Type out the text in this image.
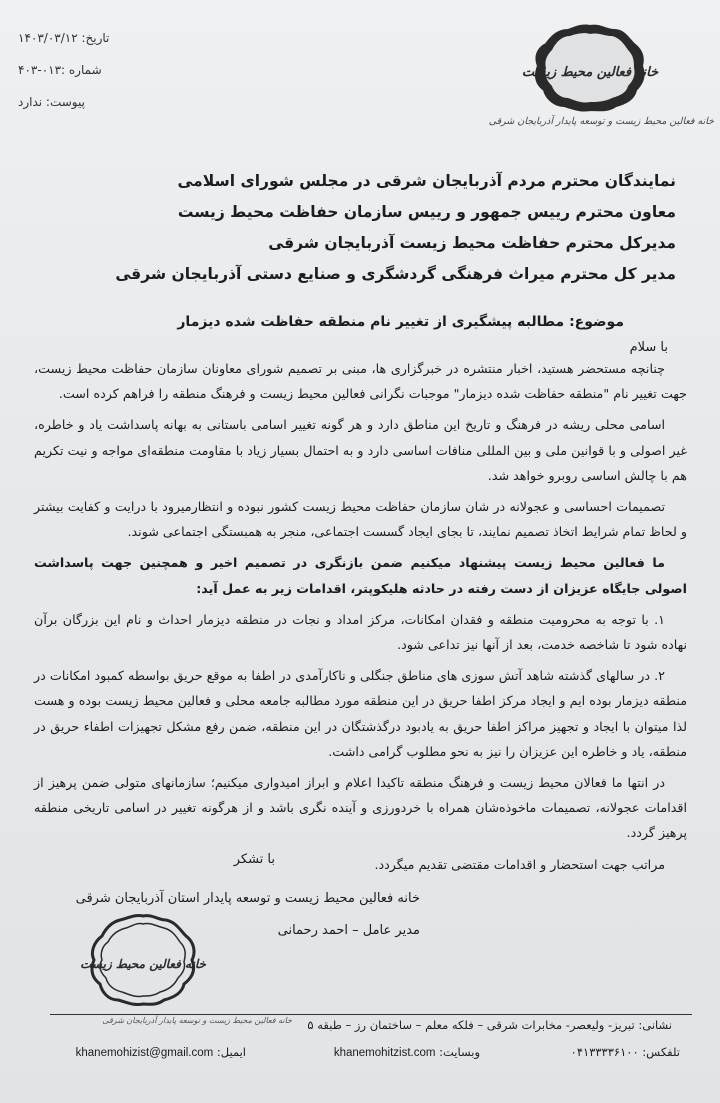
تاریخ: ۱۴۰۳/۰۳/۱۲
شماره :۰۱۳-۴۰۳
پیوست: ندارد
خانه فعالین محیط زیست
خانه فعالین محیط زیست و توسعه پایدار آذربایجان شرقی
نمایندگان محترم مردم آذربایجان شرقی در مجلس شورای اسلامی
معاون محترم رییس جمهور و رییس سازمان حفاظت محیط زیست
مدیرکل محترم حفاظت محیط زیست آذربایجان شرقی
مدیر کل محترم میراث فرهنگی گردشگری و صنایع دستی آذربایجان شرقی
موضوع: مطالبه پیشگیری از تغییر نام منطقه حفاظت شده دیزمار
با سلام

چنانچه مستحضر هستید، اخبار منتشره در خبرگزاری ها، مبنی بر تصمیم شورای معاونان سازمان حفاظت محیط زیست، جهت تغییر نام "منطقه حفاظت شده دیزمار" موجبات نگرانی فعالین محیط زیست و فرهنگ منطقه را فراهم کرده است.

اسامی محلی ریشه در فرهنگ و تاریخ این مناطق دارد و هر گونه تغییر اسامی باستانی به بهانه پاسداشت یاد و خاطره، غیر اصولی و با قوانین ملی و بین المللی منافات اساسی دارد و به احتمال بسیار زیاد با مقاومت منطقه‌ای مواجه و نیت تکریم هم با چالش اساسی روبرو خواهد شد.

تصمیمات احساسی و عجولانه در شان سازمان حفاظت محیط زیست کشور نبوده و انتظارمیرود با درایت و کفایت بیشتر و لحاظ تمام شرایط اتخاذ تصمیم نمایند، تا بجای ایجاد گسست اجتماعی، منجر به همبستگی اجتماعی شوند.

ما فعالین محیط زیست پیشنهاد میکنیم ضمن بازنگری در تصمیم اخیر و همچنین جهت پاسداشت اصولی جایگاه عزیزان از دست رفته در حادثه هلیکوپتر، اقدامات زیر به عمل آید:

۱. با توجه به محرومیت منطقه و فقدان امکانات، مرکز امداد و نجات در منطقه دیزمار احداث و نام این بزرگان برآن نهاده شود تا شاخصه خدمت، بعد از آنها نیز تداعی شود.

۲. در سالهای گذشته شاهد آتش سوزی های مناطق جنگلی و ناکارآمدی در اطفا به موقع حریق بواسطه کمبود امکانات در منطقه دیزمار بوده ایم و ایجاد مرکز اطفا حریق در این منطقه مورد مطالبه جامعه محلی و فعالین محیط زیست بوده و هست لذا میتوان با ایجاد و تجهیز مراکز اطفا حریق به یادبود درگذشتگان در این منطقه، ضمن رفع مشکل تجهیزات اطفاء حریق در منطقه، یاد و خاطره این عزیزان را نیز به نحو مطلوب گرامی داشت.

در انتها ما فعالان محیط زیست و فرهنگ منطقه تاکیدا اعلام و ابراز امیدواری میکنیم؛ سازمانهای متولی ضمن پرهیز از اقدامات عجولانه، تصمیمات ماخوذه‌شان همراه با خردورزی و آینده نگری باشد و از هرگونه تغییر در اسامی تاریخی منطقه پرهیز گردد.

مراتب جهت استحضار و اقدامات مقتضی تقدیم میگردد.

با تشکر
خانه فعالین محیط زیست و توسعه پایدار استان آذربایجان شرقی
مدیر عامل – احمد رحمانی
خانه فعالین محیط زیست
خانه فعالین محیط زیست و توسعه پایدار آذربایجان شرقی نشانی: تبریز- ولیعصر- مخابرات شرقی – فلکه معلم – ساختمان رز – طبقه ۵
تلفکس: ۰۴۱۳۳۳۳۶۱۰۰
وبسایت: khanemohitzist.com
ایمیل: khanemohizist@gmail.com
